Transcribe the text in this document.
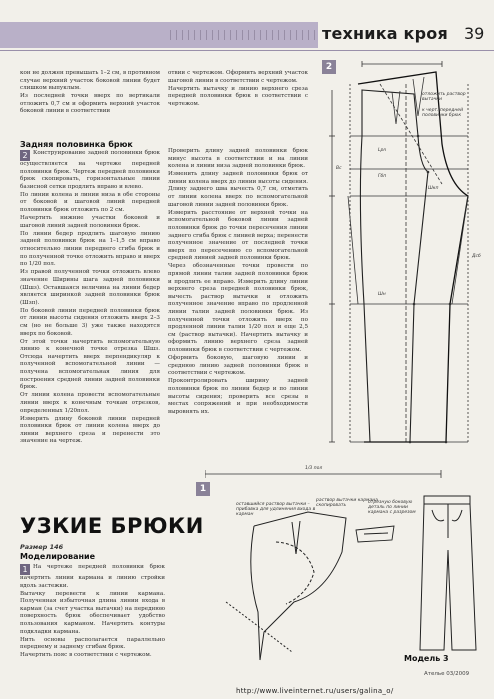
техника кроя 39

кон не должен превышать 1–2 см, в противном случае верхний участок боковой линии будет слишком выпуклым.

Из последней точки вверх по вертикали отложить 0,7 см и оформить верхний участок боковой линии в соответствии

отвии с чертежом. Оформить верхний участок шаговой линии в соответствии с чертежом.

Начертить вытачку и линию верхнего среза передней половинки брюк в соответствии с чертежом.

Задняя половинка брюк

2 Конструирование задней половинки брюк осуществляется на чертеже передней половинки брюк. Чертеж передней половинки брюк скопировать, горизонтальные линии базисной сетки продлить вправо и влево.

По линии колена и линии низа в обе стороны от боковой и шаговой линий передней половинки брюк отложить по 2 см.

Начертить нижние участки боковой и шаговой линий задней половинки брюк.

По линии бедер продлить шаговую линию задней половинки брюк на 1–1,5 см вправо относительно линии переднего сгиба брюк и по полученной точке отложить вправо и вверх по 1/20 пол.

Из правой полученной точки отложить влево значение Ширины шага задней половинки (Шшз). Оставшаяся величина на линии бедер является ширинкой задней половинки брюк (Шзп).

По боковой линии передней половинки брюк от линии высоты сидения отложить вверх 2–3 см (но не больше 3) уже также находятся вверх по боковой.

От этой точки начертить вспомогательную линию к конечной точке отрезка Шшз. Отсюда начертить вверх перпендикуляр к полученной вспомогательной линии — получена вспомогательная линия для построения средней линии задней половинки брюк.

От линии колена провести вспомогательные линии вверх к конечным точкам отрезков, определенных 1/20пол.

Измерить длину боковой линии передней половинки брюк от линии колена вверх до линии верхнего среза и перенести это значение на чертеж.

Проверить длину задней половинки брюк минус высота в соответствии и на линии колена и линии низа задней половинки брюк.

Изменить длину задней половинки брюк от линии колена вверх до линии высоты сидения. Длину заднего шва вычесть 0,7 см, отметить от линии колена вверх по вспомогательной шаговой линии задней половинки брюк.

Измерить расстояние от верхней точки на вспомогательной боковой линии задней половинки брюк до точки пересечения линии заднего сгиба брюк с линией верха; перенести полученное значение от последней точки вверх по пересечению со вспомогательной средней линией задней половинки брюк.

Через обозначенные точки провести по прямой линии талии задней половинки брюк и продлить ее вправо. Измерить длину линии верхнего среза передней половинки брюк, вычесть раствор вытачки и отложить полученное значение вправо по продленной линии талии задней половинки брюк. Из полученной точки отложить вверх по продленной линии талии 1/20 пол и еще 2,5 см (раствор вытачки). Начертить вытачку и оформить линию верхнего среза задней половинки брюк в соответствии с чертежом.

Оформить боковую, шаговую линии и среднюю линию задней половинки брюк в соответствии с чертежом.

Проконтролировать ширину задней половинки брюк по линии бедер и по линии высоты сидения; проверить все срезы в местах сопряжений и при необходимости выровнять их.

2
отложить раствор вытачки
к черт. передней половинки брюк
Lpn
Гбп
Шн
Дсб
Шкп
Вс
1/3 пол
1
оставшийся раствор вытачки – прибавка для удлинения входа в карман
раствор вытачки кармана скопировать
отрезную боковую деталь по линии кармана с разрезом
Модель 3
УЗКИЕ БРЮКИ
Размер 146
Моделирование

1 На чертеже передней половинки брюк начертить линии кармана и линию стройки вдоль застежки.

Вытачку перевести к линии кармана. Полученная избыточная длина линии входа в карман (за счет участка вытачки) на переднюю поверхность брюк обеспечивает удобство пользования карманом. Начертить контуры подкладки кармана.

Нить основы располагается параллельно переднему и заднему сгибам брюк.

Начертить пояс в соответствии с чертежом.

Ателье 03/2009
http://www.liveinternet.ru/users/galina_o/
